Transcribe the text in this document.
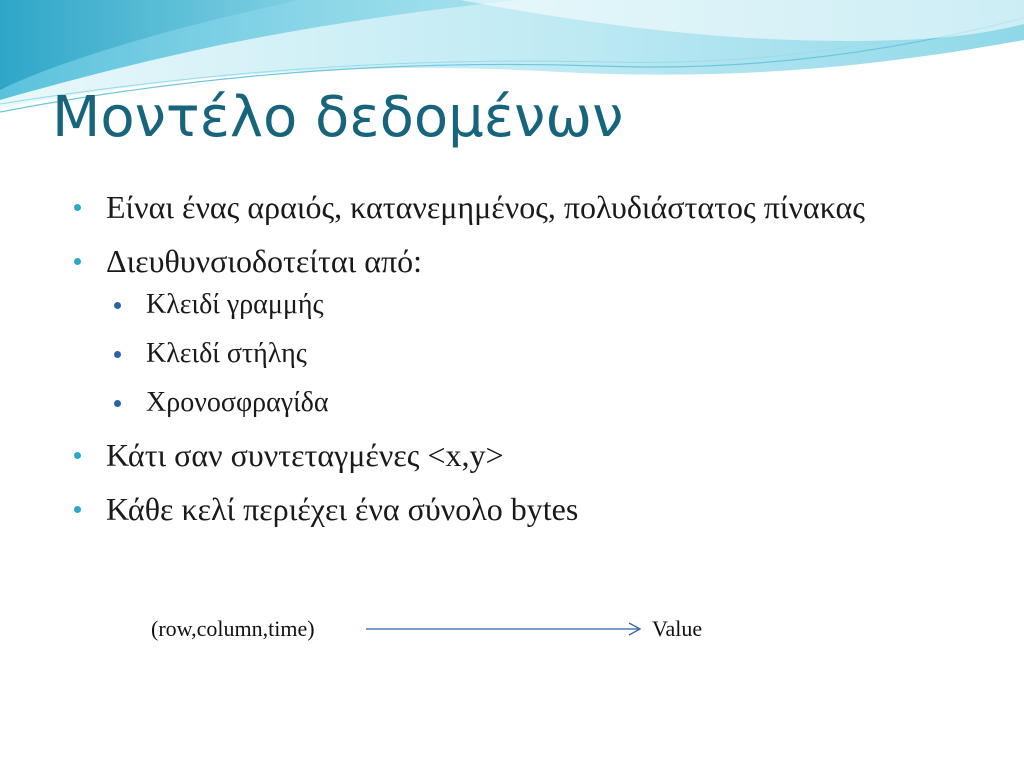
Μοντέλο δεδομένων
Είναι ένας αραιός, κατανεμημένος, πολυδιάστατος πίνακας
Διευθυνσιοδοτείται από:
Κλειδί γραμμής
Κλειδί στήλης
Χρονοσφραγίδα
Κάτι σαν συντεταγμένες <x,y>
Κάθε κελί περιέχει ένα σύνολο bytes
(row,column,time)	Value
